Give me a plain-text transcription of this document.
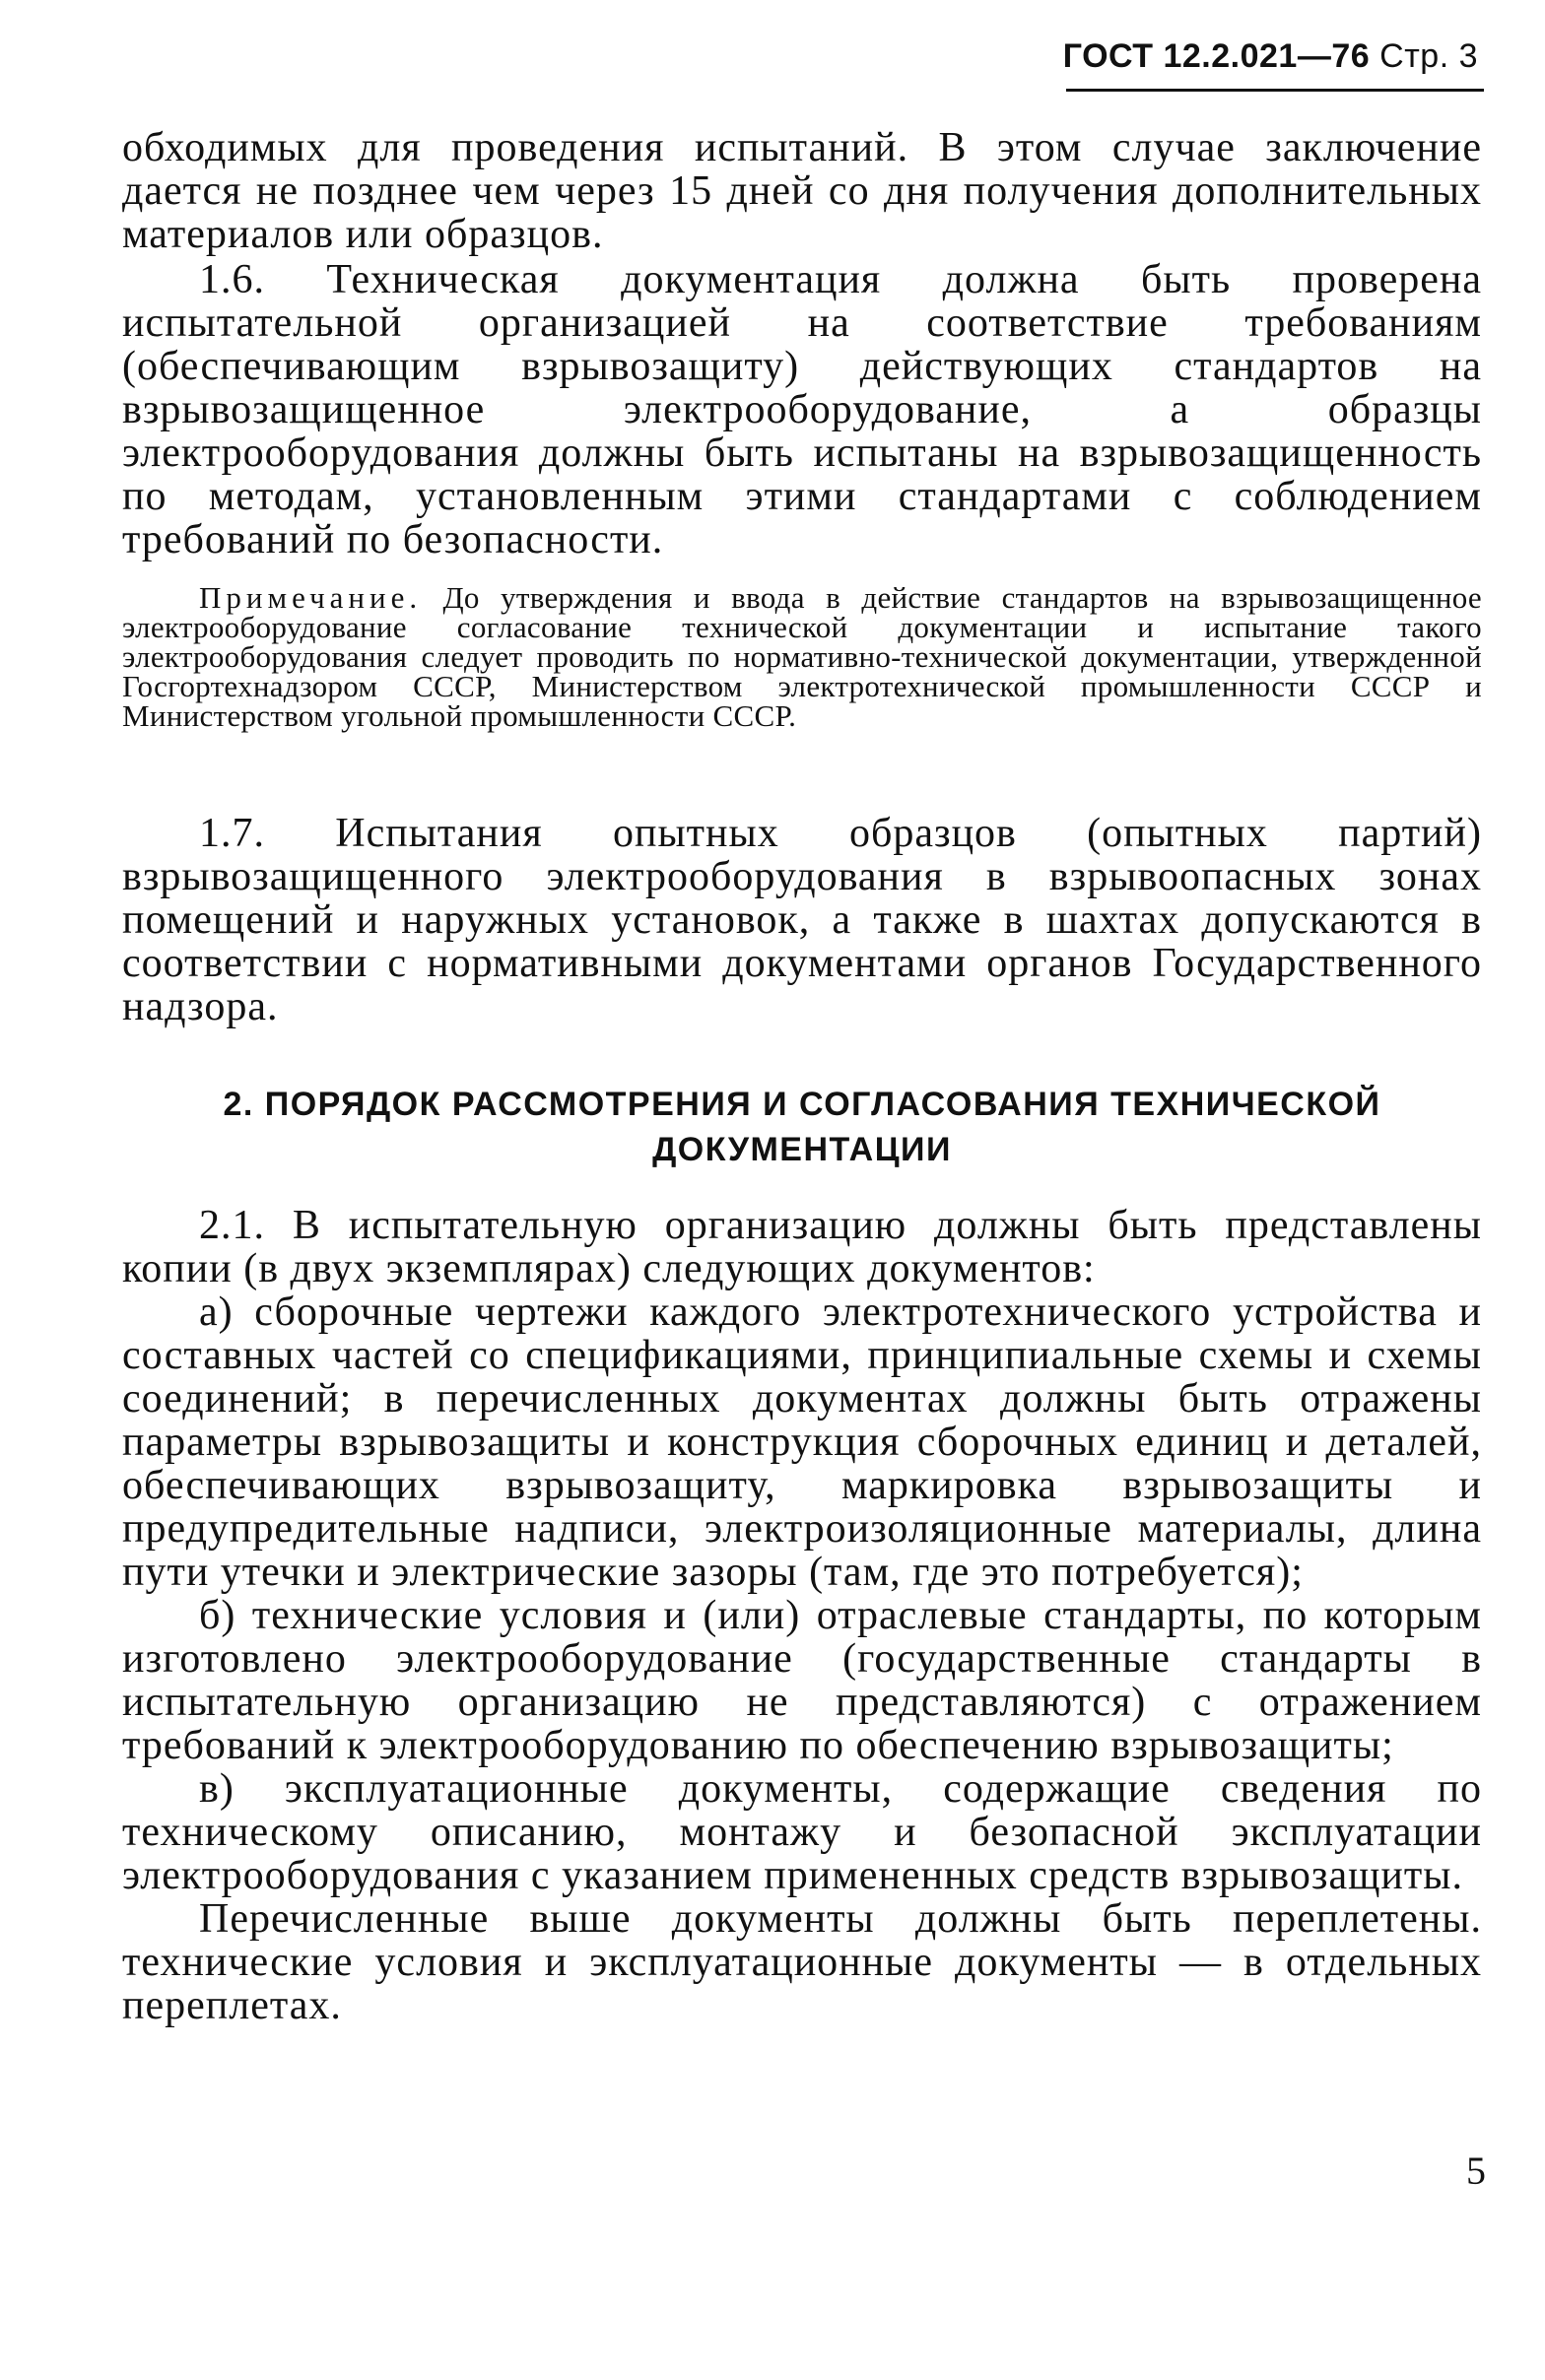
ГОСТ 12.2.021—76 Стр. 3
обходимых для проведения испытаний. В этом случае заключение дается не позднее чем через 15 дней со дня получения дополнительных материалов или образцов.
1.6. Техническая документация должна быть проверена испытательной организацией на соответствие требованиям (обеспечивающим взрывозащиту) действующих стандартов на взрывозащищенное электрооборудование, а образцы электрооборудования должны быть испытаны на взрывозащищенность по методам, установленным этими стандартами с соблюдением требований по безопасности.
Примечание. До утверждения и ввода в действие стандартов на взрывозащищенное электрооборудование согласование технической документации и испытание такого электрооборудования следует проводить по нормативно-технической документации, утвержденной Госгортехнадзором СССР, Министерством электротехнической промышленности СССР и Министерством угольной промышленности СССР.
1.7. Испытания опытных образцов (опытных партий) взрывозащищенного электрооборудования в взрывоопасных зонах помещений и наружных установок, а также в шахтах допускаются в соответствии с нормативными документами органов Государственного надзора.
2. ПОРЯДОК РАССМОТРЕНИЯ И СОГЛАСОВАНИЯ ТЕХНИЧЕСКОЙ ДОКУМЕНТАЦИИ
2.1. В испытательную организацию должны быть представлены копии (в двух экземплярах) следующих документов:
а) сборочные чертежи каждого электротехнического устройства и составных частей со спецификациями, принципиальные схемы и схемы соединений; в перечисленных документах должны быть отражены параметры взрывозащиты и конструкция сборочных единиц и деталей, обеспечивающих взрывозащиту, маркировка взрывозащиты и предупредительные надписи, электроизоляционные материалы, длина пути утечки и электрические зазоры (там, где это потребуется);
б) технические условия и (или) отраслевые стандарты, по которым изготовлено электрооборудование (государственные стандарты в испытательную организацию не представляются) с отражением требований к электрооборудованию по обеспечению взрывозащиты;
в) эксплуатационные документы, содержащие сведения по техническому описанию, монтажу и безопасной эксплуатации электрооборудования с указанием примененных средств взрывозащиты.
Перечисленные выше документы должны быть переплетены. технические условия и эксплуатационные документы — в отдельных переплетах.
5
